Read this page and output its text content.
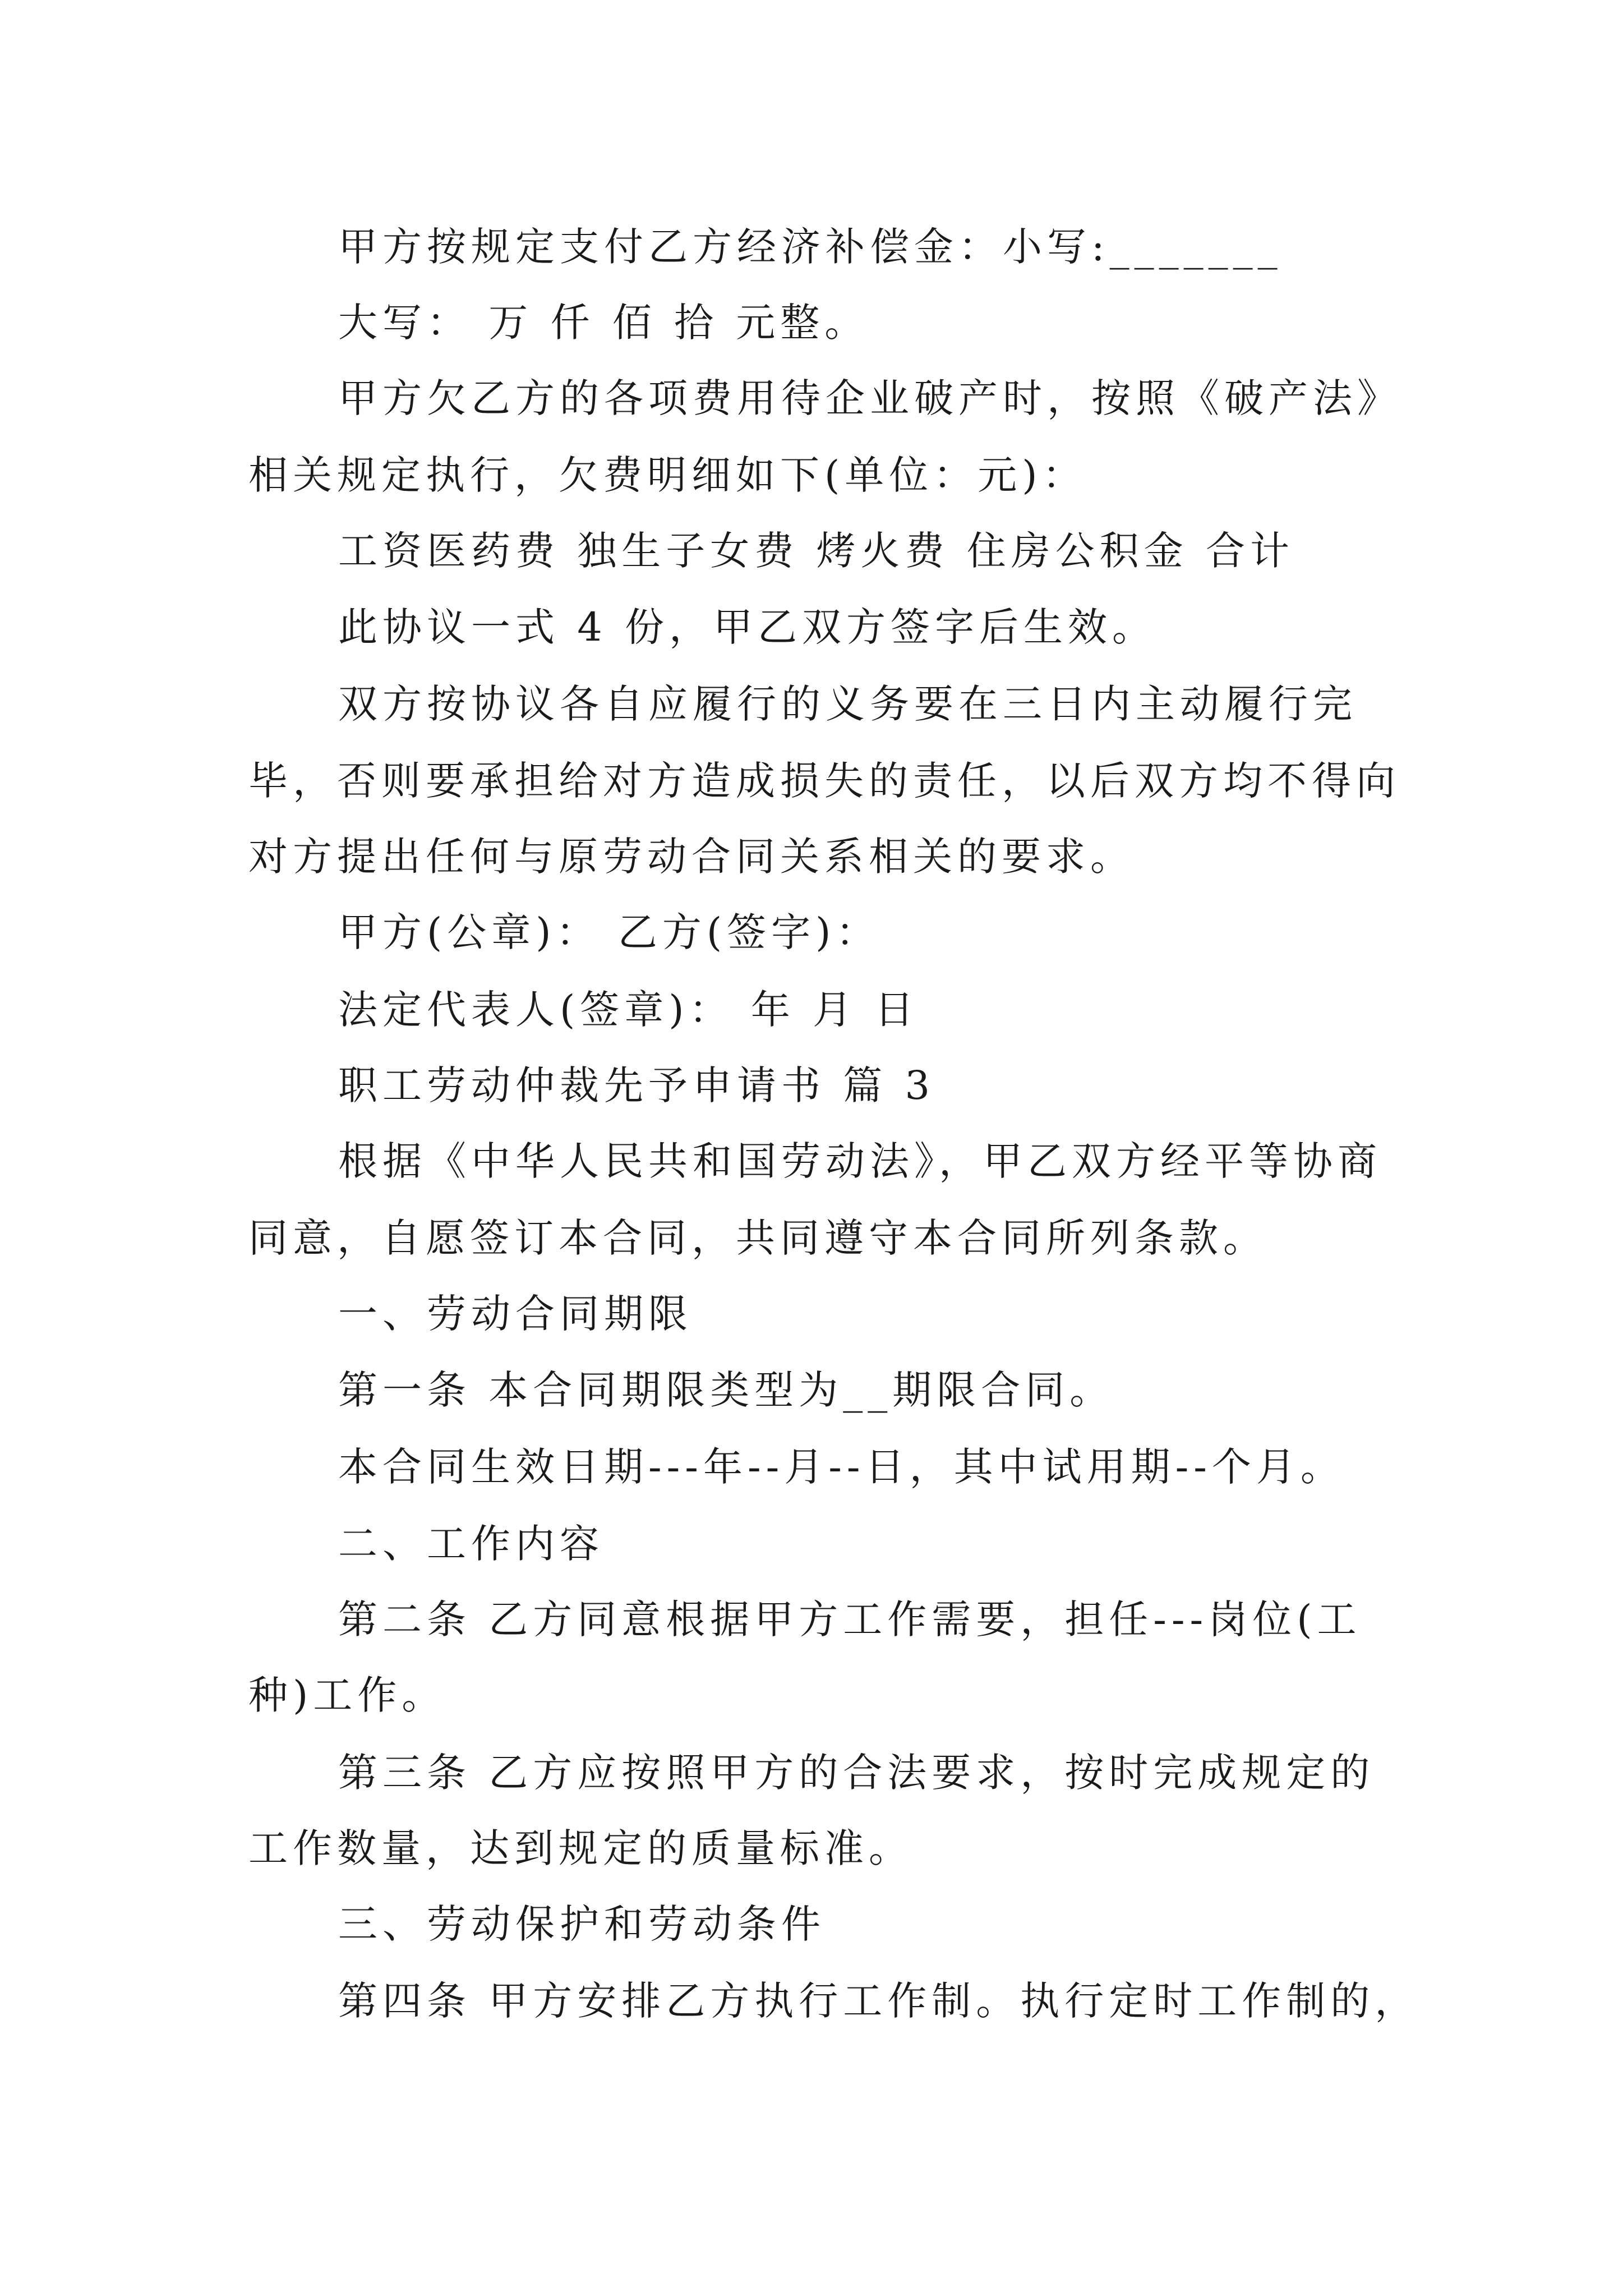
甲方按规定支付乙方经济补偿金：小写:_______

大写： 万 仟 佰 拾 元整。

甲方欠乙方的各项费用待企业破产时，按照《破产法》

相关规定执行，欠费明细如下(单位：元)：

工资医药费 独生子女费 烤火费 住房公积金 合计

此协议一式 4 份，甲乙双方签字后生效。

双方按协议各自应履行的义务要在三日内主动履行完

毕，否则要承担给对方造成损失的责任，以后双方均不得向

对方提出任何与原劳动合同关系相关的要求。

甲方(公章)： 乙方(签字)：

法定代表人(签章)： 年 月 日

职工劳动仲裁先予申请书 篇 3

根据《中华人民共和国劳动法》，甲乙双方经平等协商

同意，自愿签订本合同，共同遵守本合同所列条款。

一、劳动合同期限

第一条 本合同期限类型为__期限合同。

本合同生效日期---年--月--日，其中试用期--个月。

二、工作内容

第二条 乙方同意根据甲方工作需要，担任---岗位(工

种)工作。

第三条 乙方应按照甲方的合法要求，按时完成规定的

工作数量，达到规定的质量标准。

三、劳动保护和劳动条件

第四条 甲方安排乙方执行工作制。执行定时工作制的，
